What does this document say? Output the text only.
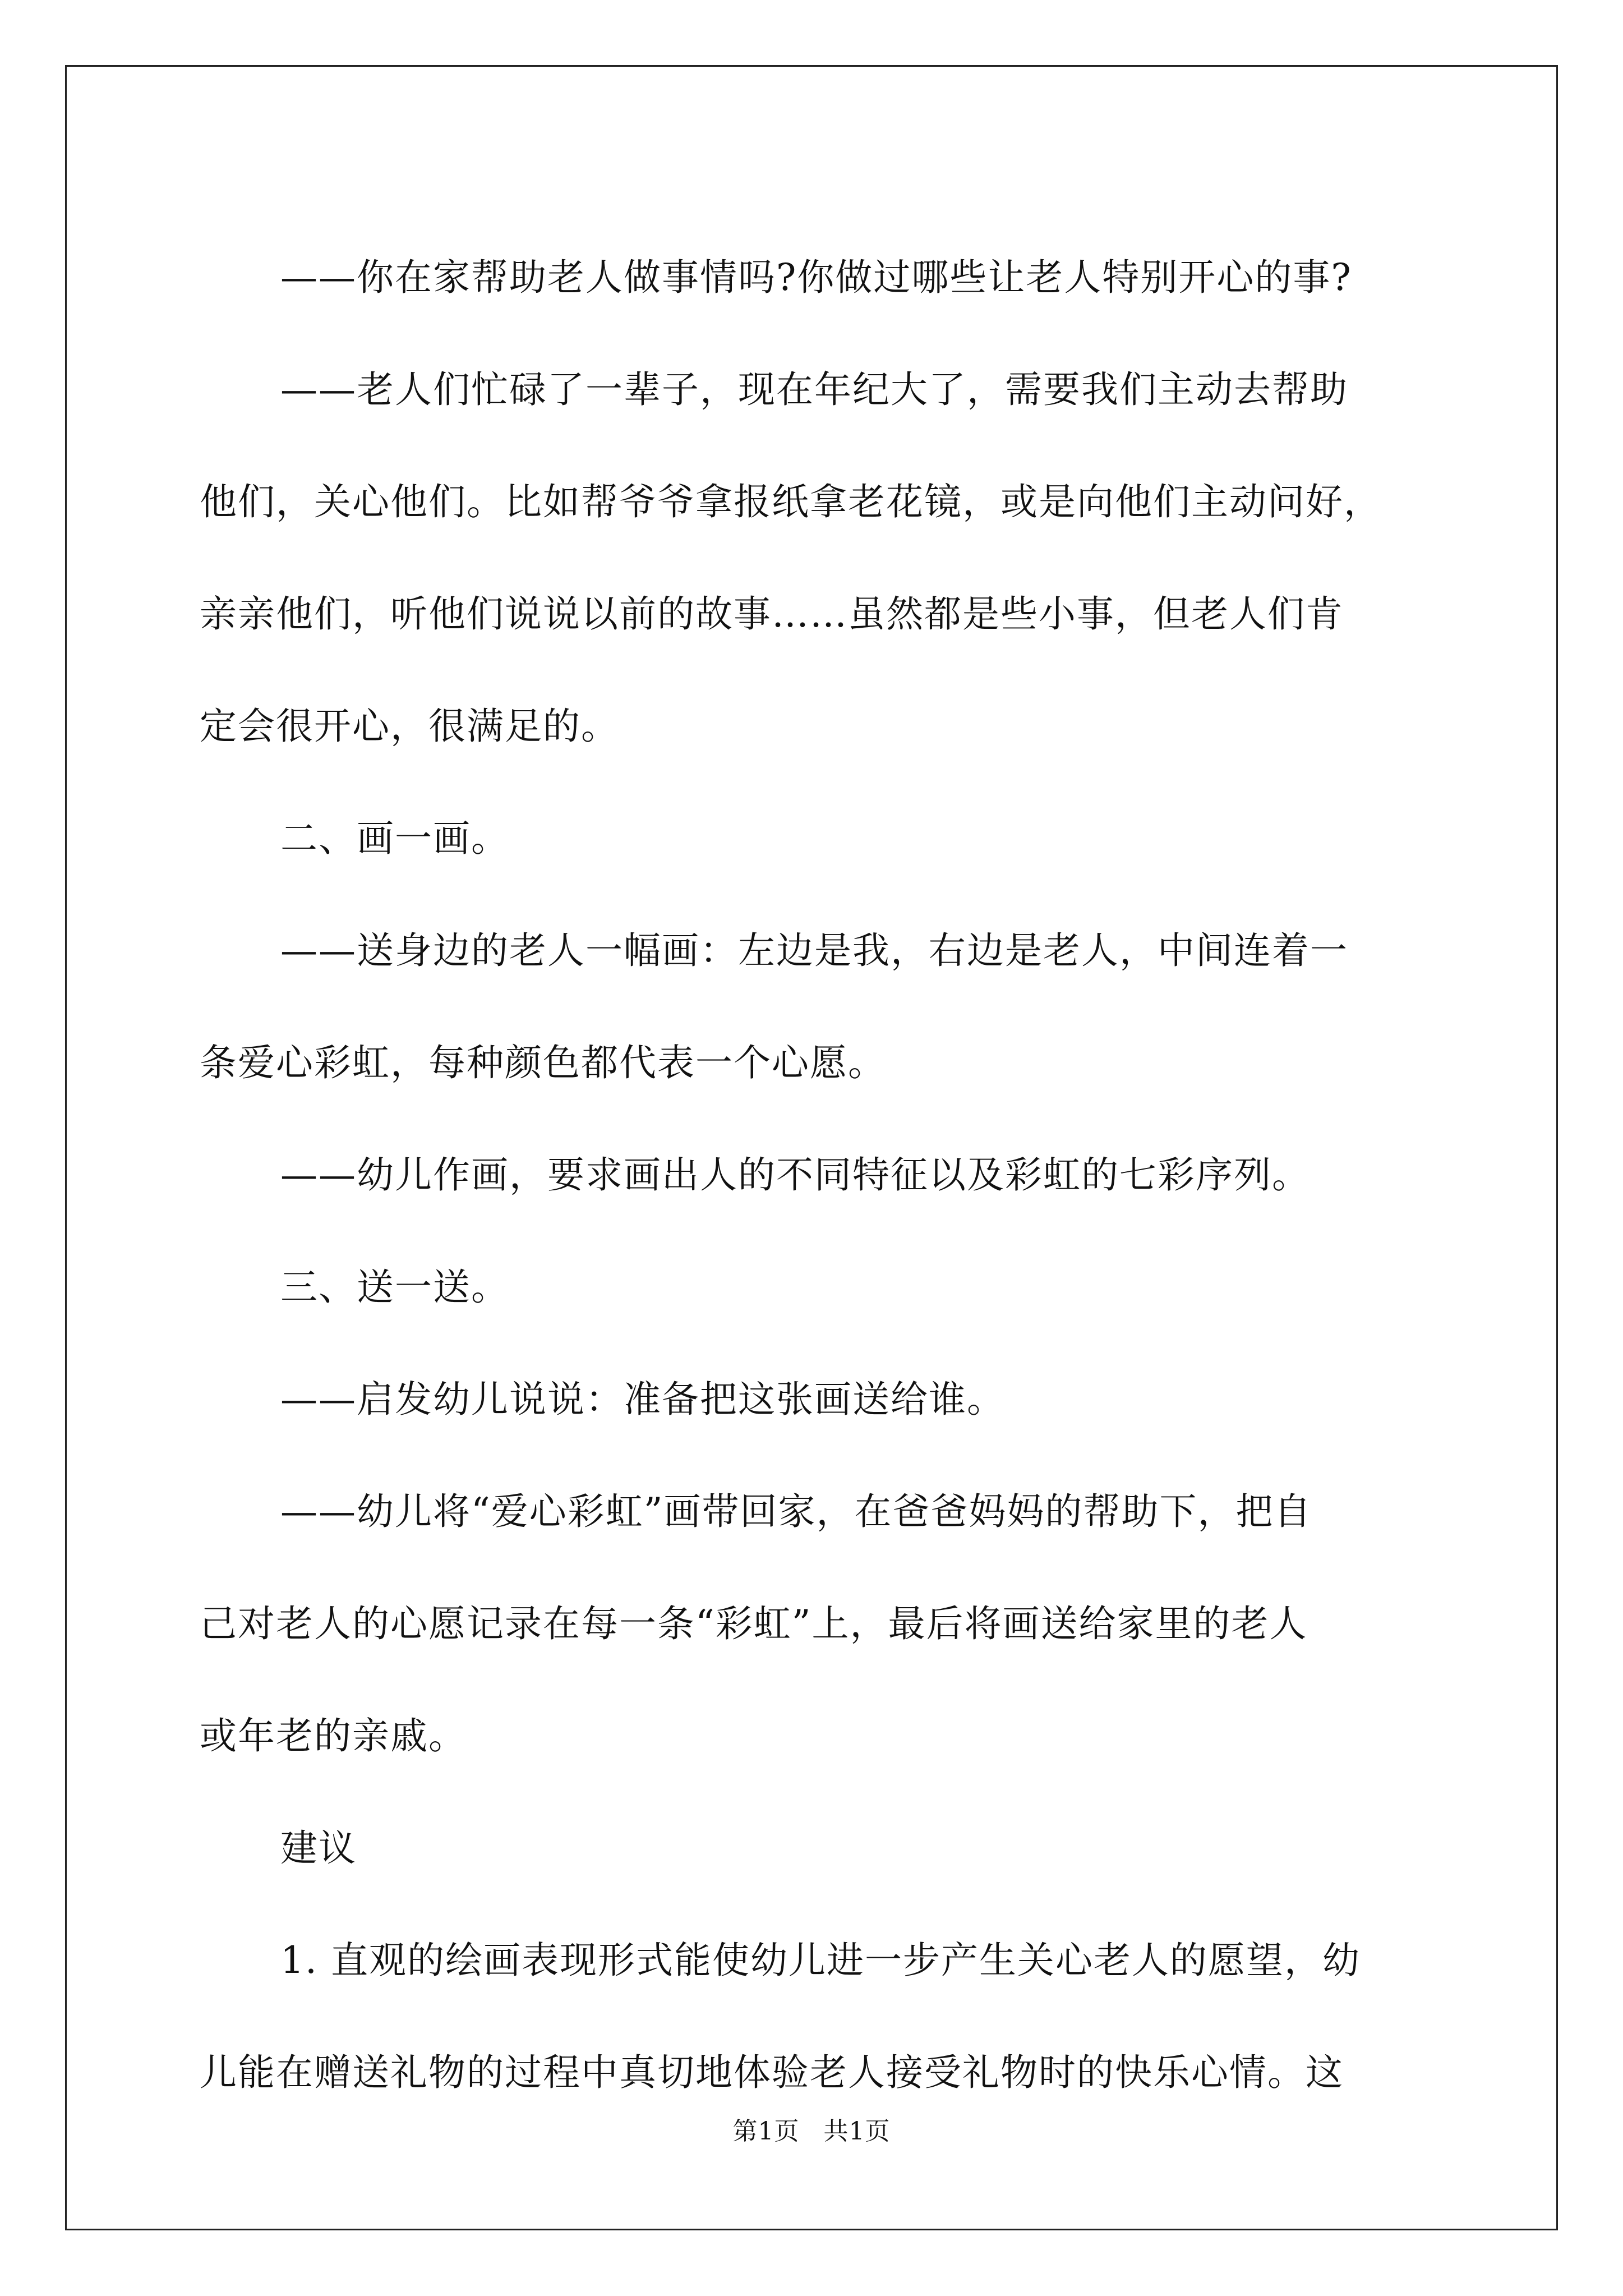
——你在家帮助老人做事情吗?你做过哪些让老人特别开心的事?

——老人们忙碌了一辈子，现在年纪大了，需要我们主动去帮助

他们，关心他们。比如帮爷爷拿报纸拿老花镜，或是向他们主动问好，

亲亲他们，听他们说说以前的故事……虽然都是些小事，但老人们肯

定会很开心，很满足的。

二、画一画。

——送身边的老人一幅画：左边是我，右边是老人，中间连着一

条爱心彩虹，每种颜色都代表一个心愿。

——幼儿作画，要求画出人的不同特征以及彩虹的七彩序列。

三、送一送。

——启发幼儿说说：准备把这张画送给谁。

——幼儿将“爱心彩虹”画带回家，在爸爸妈妈的帮助下，把自

己对老人的心愿记录在每一条“彩虹”上，最后将画送给家里的老人

或年老的亲戚。

建议

1. 直观的绘画表现形式能使幼儿进一步产生关心老人的愿望，幼

儿能在赠送礼物的过程中真切地体验老人接受礼物时的快乐心情。这

第1页 共1页
